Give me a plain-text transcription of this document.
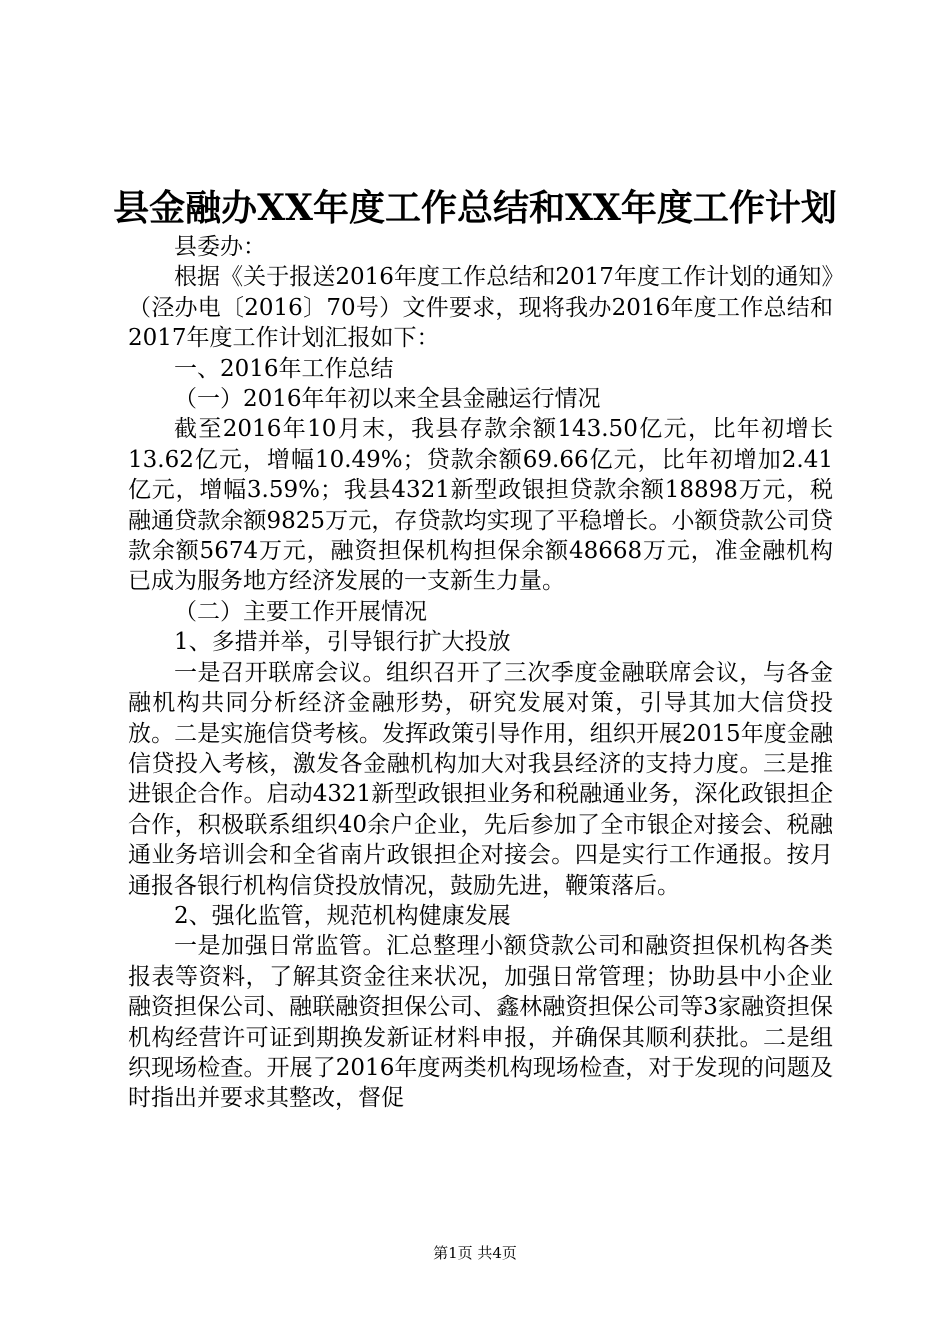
县金融办XX年度工作总结和XX年度工作计划

县委办：

根据《关于报送2016年度工作总结和2017年度工作计划的通知》（泾办电〔2016〕70号）文件要求，现将我办2016年度工作总结和2017年度工作计划汇报如下：

一、2016年工作总结

（一）2016年年初以来全县金融运行情况

截至2016年10月末，我县存款余额143.50亿元，比年初增长13.62亿元，增幅10.49%；贷款余额69.66亿元，比年初增加2.41亿元，增幅3.59%；我县4321新型政银担贷款余额18898万元，税融通贷款余额9825万元，存贷款均实现了平稳增长。小额贷款公司贷款余额5674万元，融资担保机构担保余额48668万元，准金融机构已成为服务地方经济发展的一支新生力量。

（二）主要工作开展情况

1、多措并举，引导银行扩大投放

一是召开联席会议。组织召开了三次季度金融联席会议，与各金融机构共同分析经济金融形势，研究发展对策，引导其加大信贷投放。二是实施信贷考核。发挥政策引导作用，组织开展2015年度金融信贷投入考核，激发各金融机构加大对我县经济的支持力度。三是推进银企合作。启动4321新型政银担业务和税融通业务，深化政银担企合作，积极联系组织40余户企业，先后参加了全市银企对接会、税融通业务培训会和全省南片政银担企对接会。四是实行工作通报。按月通报各银行机构信贷投放情况，鼓励先进，鞭策落后。

2、强化监管，规范机构健康发展

一是加强日常监管。汇总整理小额贷款公司和融资担保机构各类报表等资料，了解其资金往来状况，加强日常管理；协助县中小企业融资担保公司、融联融资担保公司、鑫林融资担保公司等3家融资担保机构经营许可证到期换发新证材料申报，并确保其顺利获批。二是组织现场检查。开展了2016年度两类机构现场检查，对于发现的问题及时指出并要求其整改，督促

第1页 共4页
